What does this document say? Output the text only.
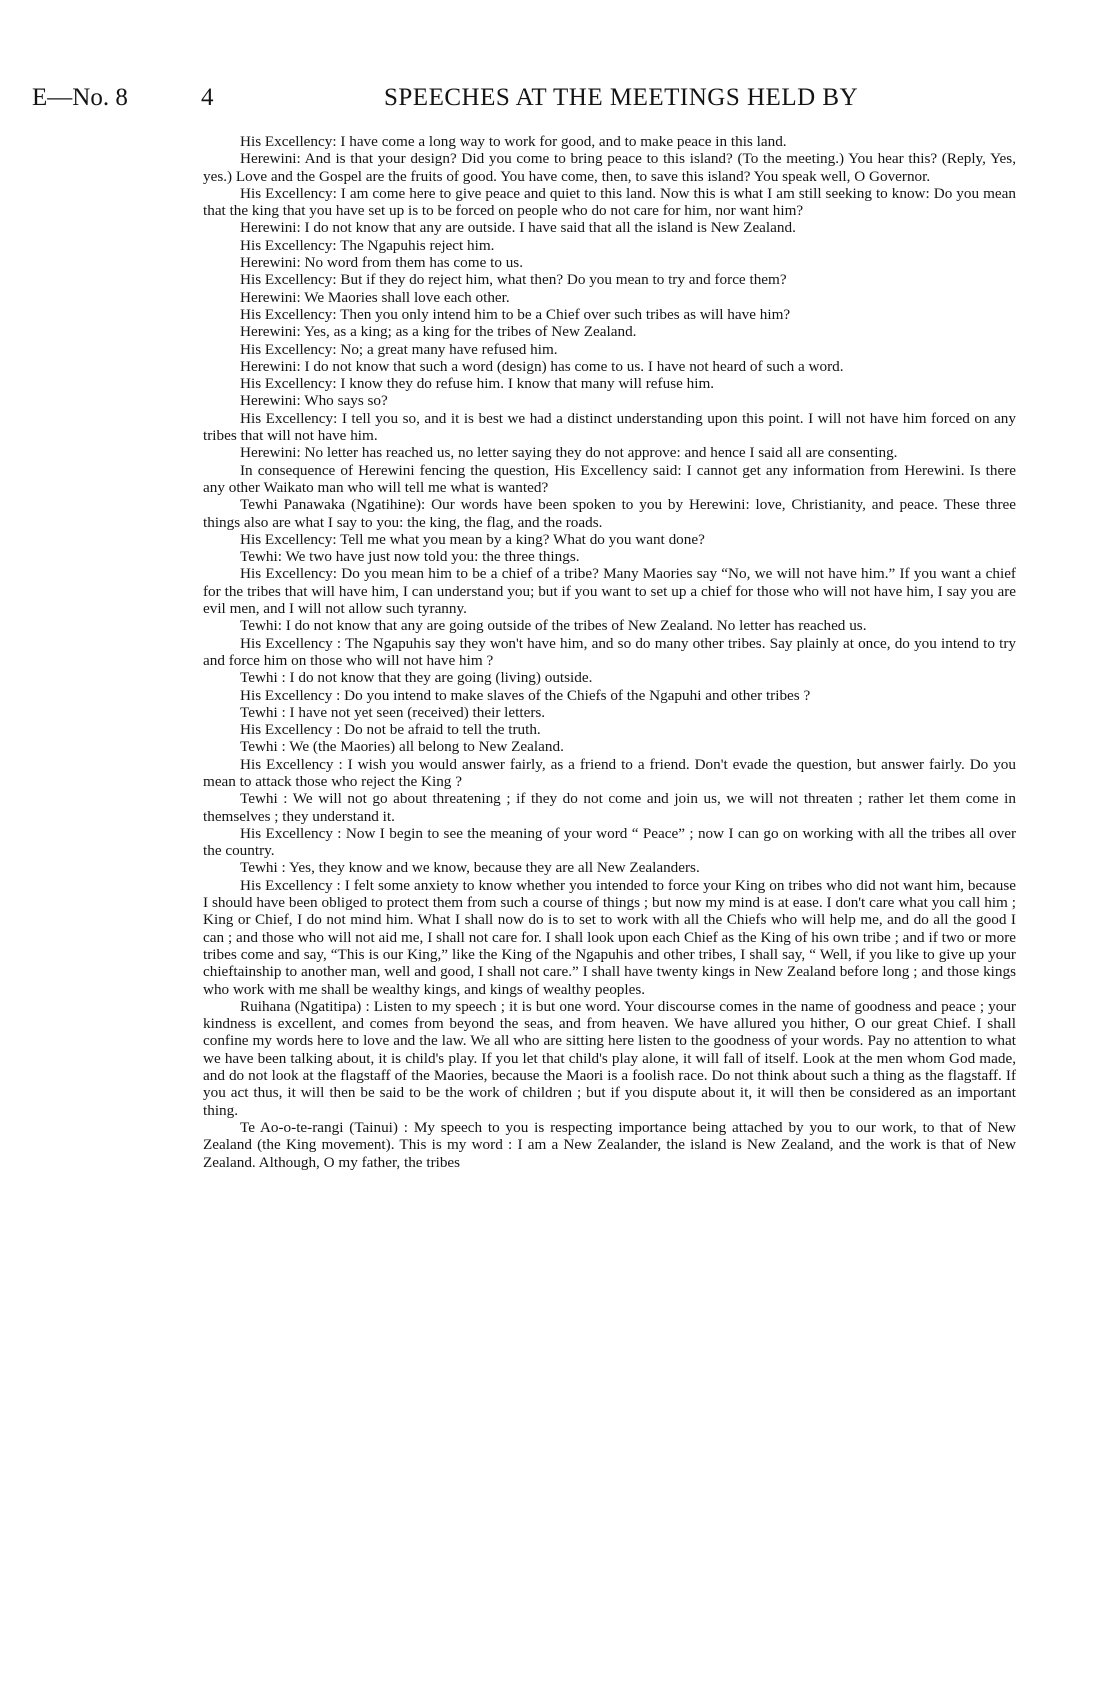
E—No. 8	4	SPEECHES AT THE MEETINGS HELD BY

His Excellency: I have come a long way to work for good, and to make peace in this land.

Herewini: And is that your design? Did you come to bring peace to this island? (To the meeting.) You hear this? (Reply, Yes, yes.) Love and the Gospel are the fruits of good. You have come, then, to save this island? You speak well, O Governor.

His Excellency: I am come here to give peace and quiet to this land. Now this is what I am still seeking to know: Do you mean that the king that you have set up is to be forced on people who do not care for him, nor want him?

Herewini: I do not know that any are outside. I have said that all the island is New Zealand.

His Excellency: The Ngapuhis reject him.

Herewini: No word from them has come to us.

His Excellency: But if they do reject him, what then? Do you mean to try and force them?

Herewini: We Maories shall love each other.

His Excellency: Then you only intend him to be a Chief over such tribes as will have him?

Herewini: Yes, as a king; as a king for the tribes of New Zealand.

His Excellency: No; a great many have refused him.

Herewini: I do not know that such a word (design) has come to us. I have not heard of such a word.

His Excellency: I know they do refuse him. I know that many will refuse him.

Herewini: Who says so?

His Excellency: I tell you so, and it is best we had a distinct understanding upon this point. I will not have him forced on any tribes that will not have him.

Herewini: No letter has reached us, no letter saying they do not approve: and hence I said all are consenting.

In consequence of Herewini fencing the question, His Excellency said: I cannot get any information from Herewini. Is there any other Waikato man who will tell me what is wanted?

Tewhi Panawaka (Ngatihine): Our words have been spoken to you by Herewini: love, Christianity, and peace. These three things also are what I say to you: the king, the flag, and the roads.

His Excellency: Tell me what you mean by a king? What do you want done?

Tewhi: We two have just now told you: the three things.

His Excellency: Do you mean him to be a chief of a tribe? Many Maories say “No, we will not have him.” If you want a chief for the tribes that will have him, I can understand you; but if you want to set up a chief for those who will not have him, I say you are evil men, and I will not allow such tyranny.

Tewhi: I do not know that any are going outside of the tribes of New Zealand. No letter has reached us.

His Excellency : The Ngapuhis say they won't have him, and so do many other tribes. Say plainly at once, do you intend to try and force him on those who will not have him ?

Tewhi : I do not know that they are going (living) outside.

His Excellency : Do you intend to make slaves of the Chiefs of the Ngapuhi and other tribes ?

Tewhi : I have not yet seen (received) their letters.

His Excellency : Do not be afraid to tell the truth.

Tewhi : We (the Maories) all belong to New Zealand.

His Excellency : I wish you would answer fairly, as a friend to a friend. Don't evade the question, but answer fairly. Do you mean to attack those who reject the King ?

Tewhi : We will not go about threatening ; if they do not come and join us, we will not threaten ; rather let them come in themselves ; they understand it.

His Excellency : Now I begin to see the meaning of your word “ Peace” ; now I can go on working with all the tribes all over the country.

Tewhi : Yes, they know and we know, because they are all New Zealanders.

His Excellency : I felt some anxiety to know whether you intended to force your King on tribes who did not want him, because I should have been obliged to protect them from such a course of things ; but now my mind is at ease. I don't care what you call him ; King or Chief, I do not mind him. What I shall now do is to set to work with all the Chiefs who will help me, and do all the good I can ; and those who will not aid me, I shall not care for. I shall look upon each Chief as the King of his own tribe ; and if two or more tribes come and say, “This is our King,” like the King of the Ngapuhis and other tribes, I shall say, “ Well, if you like to give up your chieftainship to another man, well and good, I shall not care.” I shall have twenty kings in New Zealand before long ; and those kings who work with me shall be wealthy kings, and kings of wealthy peoples.

Ruihana (Ngatitipa) : Listen to my speech ; it is but one word. Your discourse comes in the name of goodness and peace ; your kindness is excellent, and comes from beyond the seas, and from heaven. We have allured you hither, O our great Chief. I shall confine my words here to love and the law. We all who are sitting here listen to the goodness of your words. Pay no attention to what we have been talking about, it is child's play. If you let that child's play alone, it will fall of itself. Look at the men whom God made, and do not look at the flagstaff of the Maories, because the Maori is a foolish race. Do not think about such a thing as the flagstaff. If you act thus, it will then be said to be the work of children ; but if you dispute about it, it will then be considered as an important thing.

Te Ao-o-te-rangi (Tainui) : My speech to you is respecting importance being attached by you to our work, to that of New Zealand (the King movement). This is my word : I am a New Zealander, the island is New Zealand, and the work is that of New Zealand. Although, O my father, the tribes
